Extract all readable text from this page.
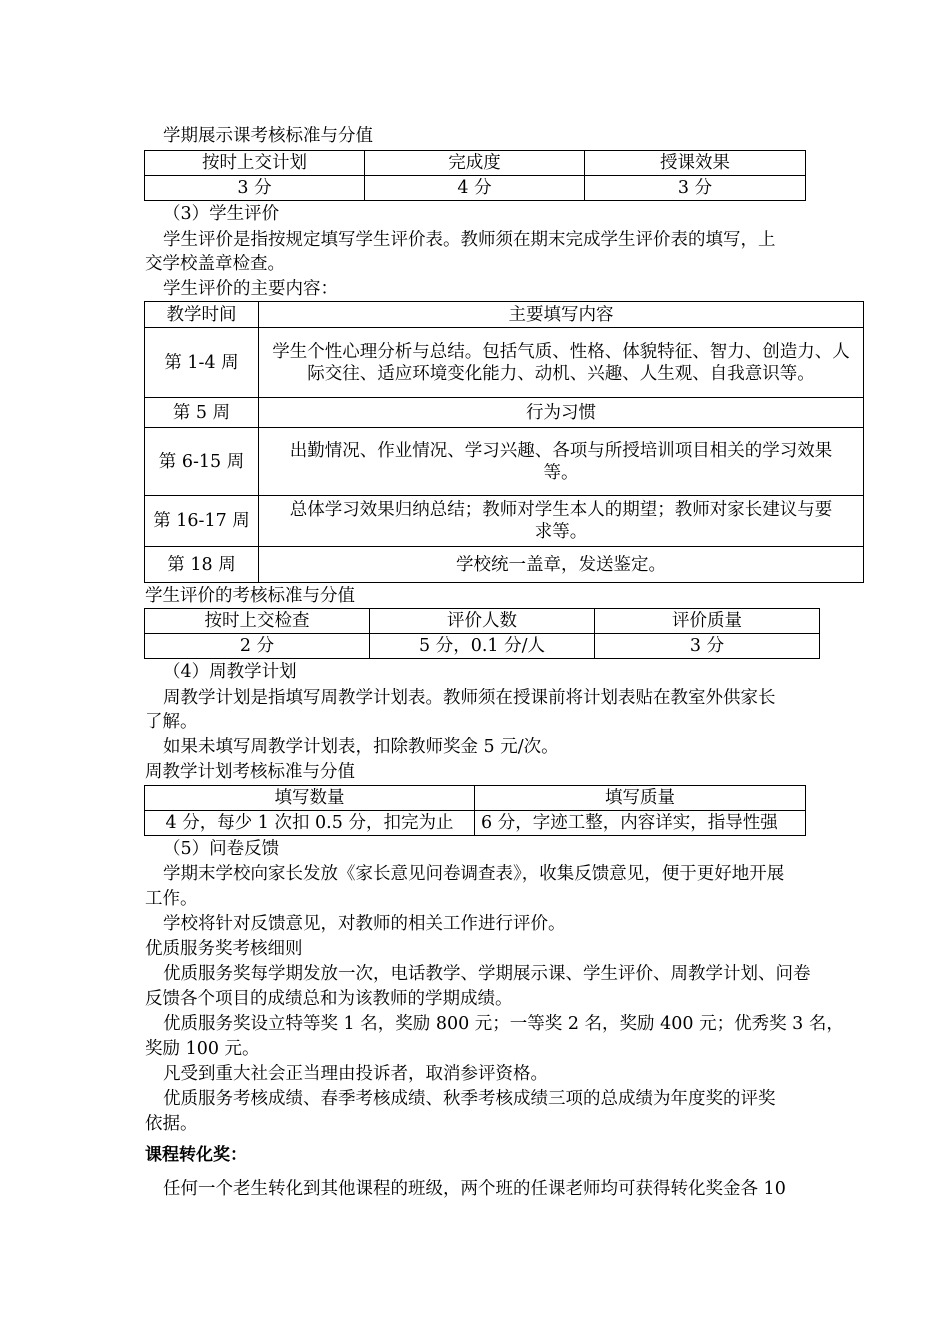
学期展示课考核标准与分值
按时上交计划	完成度	授课效果
3 分	4 分	3 分
（3）学生评价
学生评价是指按规定填写学生评价表。教师须在期末完成学生评价表的填写，上
交学校盖章检查。
学生评价的主要内容：
教学时间	主要填写内容
第 1-4 周	学生个性心理分析与总结。包括气质、性格、体貌特征、智力、创造力、人
际交往、适应环境变化能力、动机、兴趣、人生观、自我意识等。

第 5 周	行为习惯
第 6-15 周	出勤情况、作业情况、学习兴趣、各项与所授培训项目相关的学习效果
等。

第 16-17 周	总体学习效果归纳总结；教师对学生本人的期望；教师对家长建议与要
求等。

第 18 周	学校统一盖章，发送鉴定。
学生评价的考核标准与分值
按时上交检查	评价人数	评价质量
2 分	5 分，0.1 分/人	3 分
（4）周教学计划
周教学计划是指填写周教学计划表。教师须在授课前将计划表贴在教室外供家长
了解。
如果未填写周教学计划表，扣除教师奖金 5 元/次。
周教学计划考核标准与分值
填写数量	填写质量
4 分，每少 1 次扣 0.5 分，扣完为止	6 分，字迹工整，内容详实，指导性强
（5）问卷反馈
学期末学校向家长发放《家长意见问卷调查表》，收集反馈意见，便于更好地开展
工作。
学校将针对反馈意见，对教师的相关工作进行评价。
优质服务奖考核细则
优质服务奖每学期发放一次，电话教学、学期展示课、学生评价、周教学计划、问卷
反馈各个项目的成绩总和为该教师的学期成绩。
优质服务奖设立特等奖 1 名，奖励 800 元；一等奖 2 名，奖励 400 元；优秀奖 3 名，
奖励 100 元。
凡受到重大社会正当理由投诉者，取消参评资格。
优质服务考核成绩、春季考核成绩、秋季考核成绩三项的总成绩为年度奖的评奖
依据。
课程转化奖：
任何一个老生转化到其他课程的班级，两个班的任课老师均可获得转化奖金各 10
